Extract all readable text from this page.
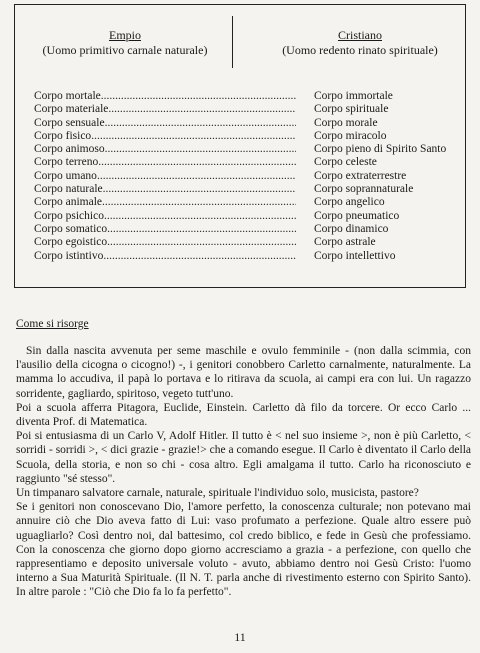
Empio
(Uomo primitivo carnale naturale)
Cristiano
(Uomo redento rinato spirituale)
Corpo mortale .....	Corpo immortale
Corpo materiale .....	Corpo spirituale
Corpo sensuale .....	Corpo morale
Corpo fisico .....	Corpo miracolo
Corpo animoso .....	Corpo pieno di Spirito Santo
Corpo terreno .....	Corpo celeste
Corpo umano .....	Corpo extraterrestre
Corpo naturale .....	Corpo soprannaturale
Corpo animale .....	Corpo angelico
Corpo psichico .....	Corpo pneumatico
Corpo somatico .....	Corpo dinamico
Corpo egoistico .....	Corpo astrale
Corpo istintivo .....	Corpo intellettivo
Come si risorge

Sin dalla nascita avvenuta per seme maschile e ovulo femminile - (non dalla scimmia, con l'ausilio della cicogna o cicogno!) -, i genitori conobbero Carletto carnalmente, naturalmente. La mamma lo accudiva, il papà lo portava e lo ritirava da scuola, ai campi era con lui. Un ragazzo sorridente, gagliardo, spiritoso, vegeto tutt'uno.

Poi a scuola afferra Pitagora, Euclide, Einstein. Carletto dà filo da torcere. Or ecco Carlo ... diventa Prof. di Matematica.

Poi si entusiasma di un Carlo V, Adolf Hitler. Il tutto è < nel suo insieme >, non è più Carletto, < sorridi - sorridi >, < dici grazie - grazie!> che a comando esegue. Il Carlo è diventato il Carlo della Scuola, della storia, e non so chi - cosa altro. Egli amalgama il tutto. Carlo ha riconosciuto e raggiunto "sé stesso".

Un timpanaro salvatore carnale, naturale, spirituale l'individuo solo, musicista, pastore?

Se i genitori non conoscevano Dio, l'amore perfetto, la conoscenza culturale; non potevano mai annuire ciò che Dio aveva fatto di Lui: vaso profumato a perfezione. Quale altro essere può uguagliarlo? Così dentro noi, dal battesimo, col credo biblico, e fede in Gesù che professiamo. Con la conoscenza che giorno dopo giorno accresciamo a grazia - a perfezione, con quello che rappresentiamo e deposito universale voluto - avuto, abbiamo dentro noi Gesù Cristo: l'uomo interno a Sua Maturità Spirituale. (Il N. T. parla anche di rivestimento esterno con Spirito Santo). In altre parole : "Ciò che Dio fa lo fa perfetto".

11
